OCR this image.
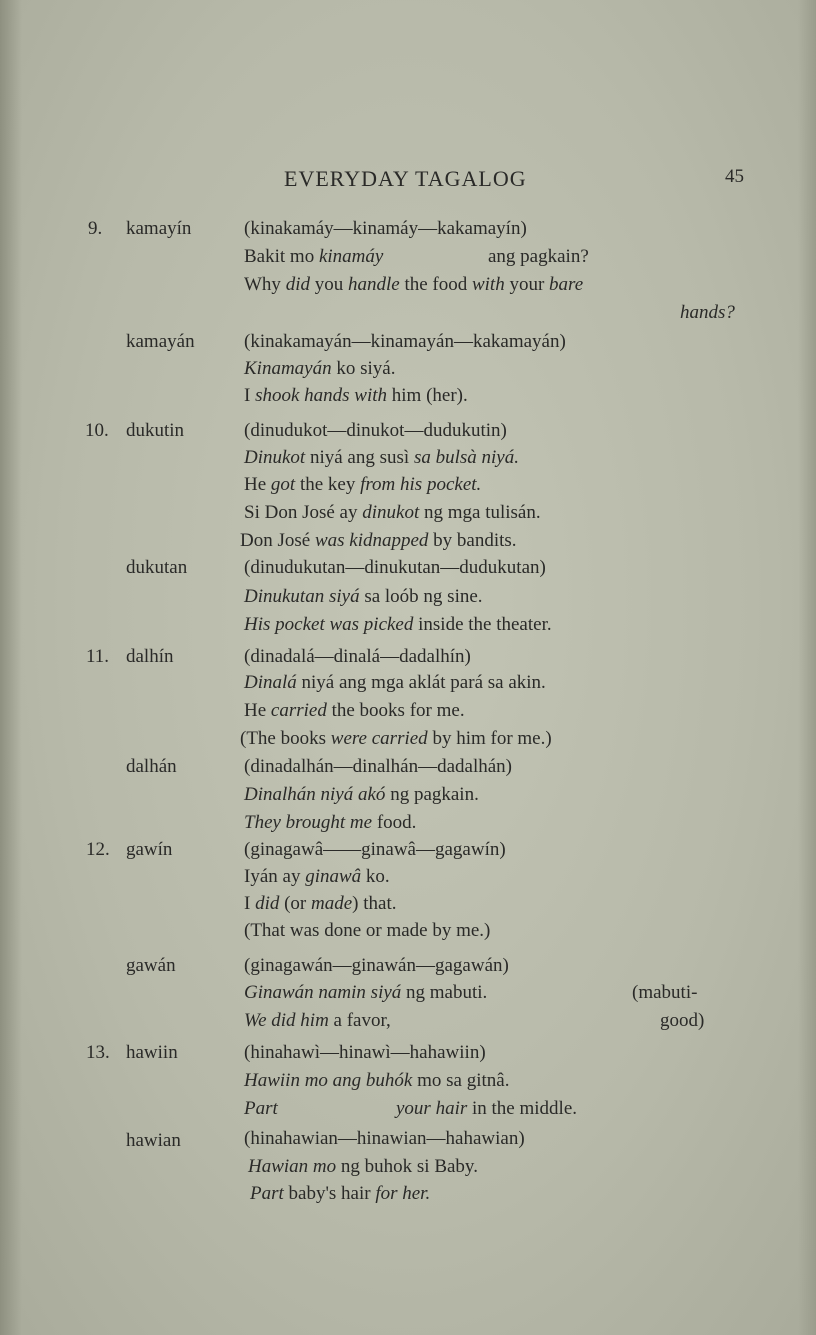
EVERYDAY TAGALOG	45
9. kamayín	(kinakamáy—kinamáy—kakamayín)
Bakit mo kinamáy	ang pagkain?
Why did you handle the food with your bare
hands?
kamayán	(kinakamayán—kinamayán—kakamayán)
Kinamayán ko siyá.
I shook hands with him (her).
10. dukutin	(dinudukot—dinukot—dudukutin)
Dinukot niyá ang susì sa bulsà niyá.
He got the key from his pocket.
Si Don José ay dinukot ng mga tulisán.
Don José was kidnapped by bandits.
dukutan	(dinudukutan—dinukutan—dudukutan)
Dinukutan siyá sa loób ng sine.
His pocket was picked inside the theater.
11. dalhín	(dinadalá—dinalá—dadalhín)
Dinalá niyá ang mga aklát pará sa akin.
He carried the books for me.
(The books were carried by him for me.)
dalhán	(dinadalhán—dinalhán—dadalhán)
Dinalhán niyá akó ng pagkain.
They brought me food.
12. gawín	(ginagawâ——ginawâ—gagawín)
Iyán ay ginawâ ko.
I did (or made) that.
(That was done or made by me.)
gawán	(ginagawán—ginawán—gagawán)
Ginawán namin siyá ng mabuti.	(mabuti-
We did him a favor,	good)
13. hawiin	(hinahawì—hinawì—hahawiin)
Hawiin mo ang buhók mo sa gitnâ.
Part	your hair in the middle.
hawian	(hinahawian—hinawian—hahawian)
Hawian mo ng buhok si Baby.
Part baby's hair for her.
